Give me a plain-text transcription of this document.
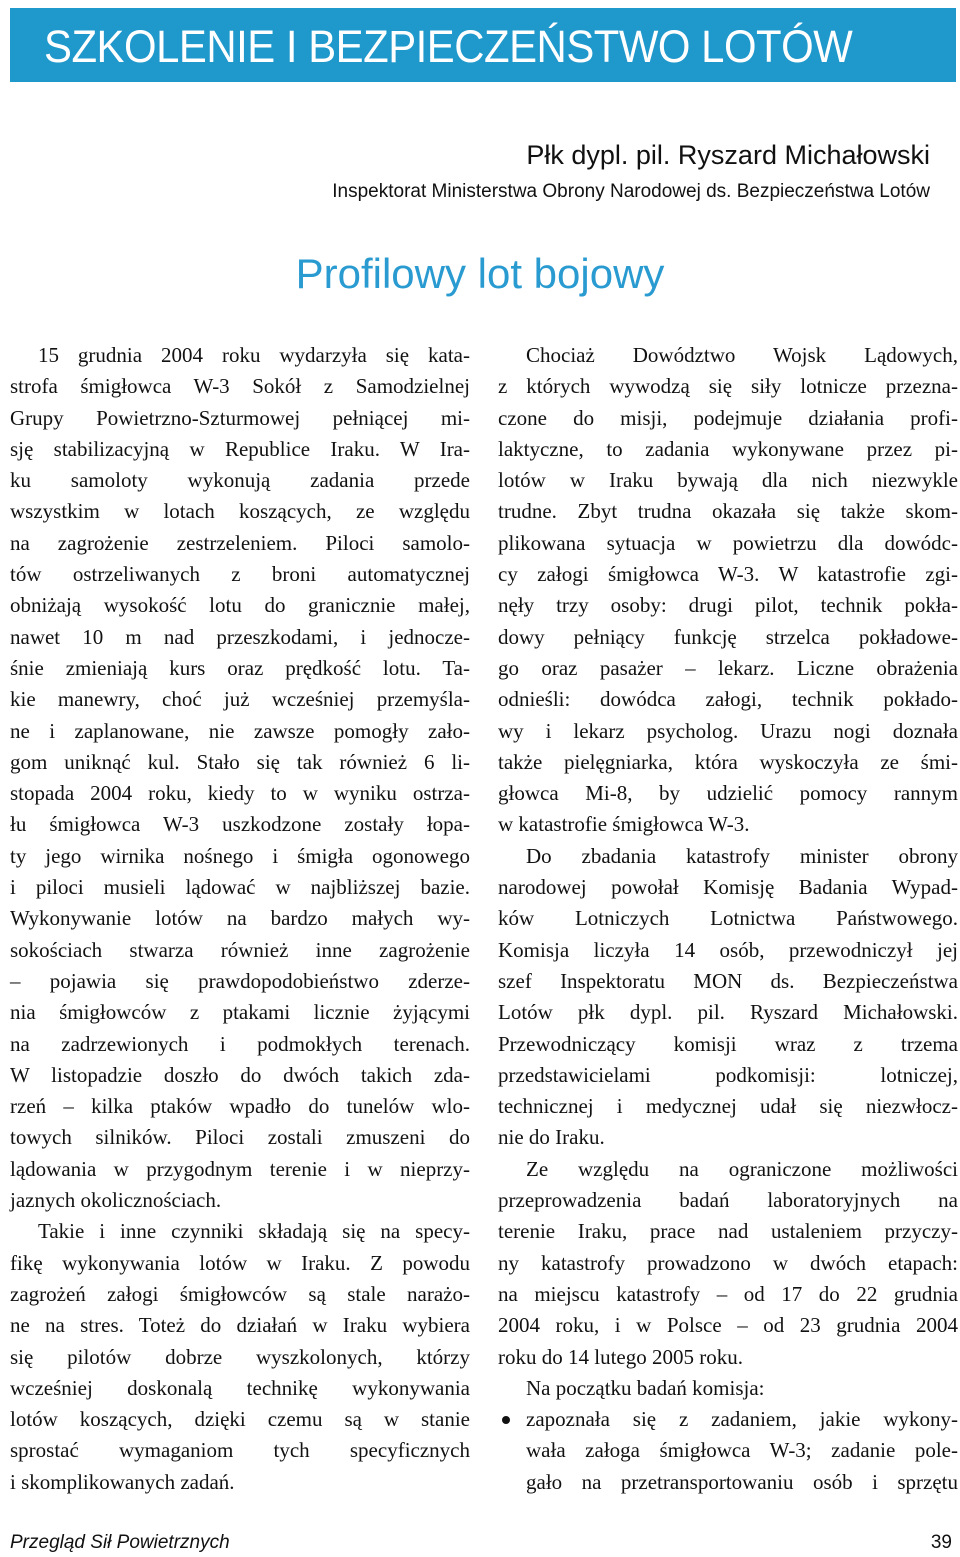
SZKOLENIE I BEZPIECZEŃSTWO LOTÓW
Płk dypl. pil. Ryszard Michałowski
Inspektorat Ministerstwa Obrony Narodowej ds. Bezpieczeństwa Lotów
Profilowy lot bojowy
15 grudnia 2004 roku wydarzyła się kata-
strofa śmigłowca W-3 Sokół z Samodzielnej
Grupy Powietrzno-Szturmowej pełniącej mi-
sję stabilizacyjną w Republice Iraku. W Ira-
ku samoloty wykonują zadania przede
wszystkim w lotach koszących, ze względu
na zagrożenie zestrzeleniem. Piloci samolo-
tów ostrzeliwanych z broni automatycznej
obniżają wysokość lotu do granicznie małej,
nawet 10 m nad przeszkodami, i jednocze-
śnie zmieniają kurs oraz prędkość lotu. Ta-
kie manewry, choć już wcześniej przemyśla-
ne i zaplanowane, nie zawsze pomogły zało-
gom uniknąć kul. Stało się tak również 6 li-
stopada 2004 roku, kiedy to w wyniku ostrza-
łu śmigłowca W-3 uszkodzone zostały łopa-
ty jego wirnika nośnego i śmigła ogonowego
i piloci musieli lądować w najbliższej bazie.
Wykonywanie lotów na bardzo małych wy-
sokościach stwarza również inne zagrożenie
– pojawia się prawdopodobieństwo zderze-
nia śmigłowców z ptakami licznie żyjącymi
na zadrzewionych i podmokłych terenach.
W listopadzie doszło do dwóch takich zda-
rzeń – kilka ptaków wpadło do tunelów wlo-
towych silników. Piloci zostali zmuszeni do
lądowania w przygodnym terenie i w nieprzy-
jaznych okolicznościach.
Takie i inne czynniki składają się na specy-
fikę wykonywania lotów w Iraku. Z powodu
zagrożeń załogi śmigłowców są stale narażo-
ne na stres. Toteż do działań w Iraku wybiera
się pilotów dobrze wyszkolonych, którzy
wcześniej doskonalą technikę wykonywania
lotów koszących, dzięki czemu są w stanie
sprostać wymaganiom tych specyficznych
i skomplikowanych zadań.
Chociaż Dowództwo Wojsk Lądowych,
z których wywodzą się siły lotnicze przezna-
czone do misji, podejmuje działania profi-
laktyczne, to zadania wykonywane przez pi-
lotów w Iraku bywają dla nich niezwykle
trudne. Zbyt trudna okazała się także skom-
plikowana sytuacja w powietrzu dla dowódc-
cy załogi śmigłowca W-3. W katastrofie zgi-
nęły trzy osoby: drugi pilot, technik pokła-
dowy pełniący funkcję strzelca pokładowe-
go oraz pasażer – lekarz. Liczne obrażenia
odnieśli: dowódca załogi, technik pokłado-
wy i lekarz psycholog. Urazu nogi doznała
także pielęgniarka, która wyskoczyła ze śmi-
głowca Mi-8, by udzielić pomocy rannym
w katastrofie śmigłowca W-3.
Do zbadania katastrofy minister obrony
narodowej powołał Komisję Badania Wypad-
ków Lotniczych Lotnictwa Państwowego.
Komisja liczyła 14 osób, przewodniczył jej
szef Inspektoratu MON ds. Bezpieczeństwa
Lotów płk dypl. pil. Ryszard Michałowski.
Przewodniczący komisji wraz z trzema
przedstawicielami podkomisji: lotniczej,
technicznej i medycznej udał się niezwłocz-
nie do Iraku.
Ze względu na ograniczone możliwości
przeprowadzenia badań laboratoryjnych na
terenie Iraku, prace nad ustaleniem przyczy-
ny katastrofy prowadzono w dwóch etapach:
na miejscu katastrofy – od 17 do 22 grudnia
2004 roku, i w Polsce – od 23 grudnia 2004
roku do 14 lutego 2005 roku.
Na początku badań komisja:
zapoznała się z zadaniem, jakie wykony-
wała załoga śmigłowca W-3; zadanie pole-
gało na przetransportowaniu osób i sprzętu
Przegląd Sił Powietrznych	39
